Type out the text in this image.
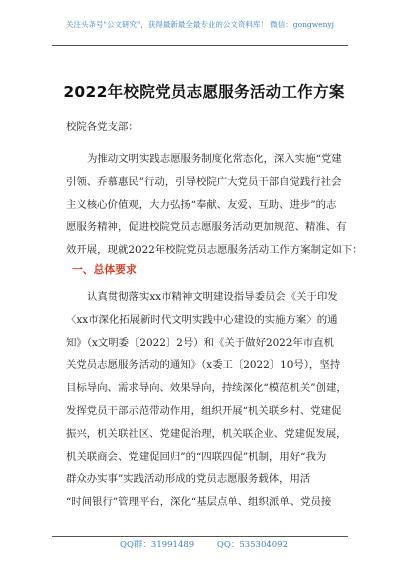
关注头条号"公文研究"，获得最新最全最专业的公文资料库！ 微信：gongwenyj
2022年校院党员志愿服务活动工作方案
校院各党支部：
为推动文明实践志愿服务制度化常态化，深入实施“党建
引领、乔慕惠民”行动，引导校院广大党员干部自觉践行社会
主义核心价值观，大力弘扬“奉献、友爱、互助、进步”的志
愿服务精神，促进校院党员志愿服务活动更加规范、精准、有
效开展，现就2022年校院党员志愿服务活动工作方案制定如下：
一、总体要求
认真贯彻落实xx市精神文明建设指导委员会《关于印发
〈xx市深化拓展新时代文明实践中心建设的实施方案〉的通
知》（x文明委〔2022〕2号）和《关于做好2022年市直机
关党员志愿服务活动的通知》（x委工〔2022〕10号），坚持
目标导向、需求导向、效果导向，持续深化“模范机关”创建，
发挥党员干部示范带动作用，组织开展“机关联乡村、党建促
振兴，机关联社区、党建促治理，机关联企业、党建促发展，
机关联商会、党建促回归”的“四联四促”机制，用好“我为
群众办实事”实践活动形成的党员志愿服务载体，用活
“时间银行”管理平台，深化“基层点单、组织派单、党员接
QQ群：31991489	QQ：535304092
